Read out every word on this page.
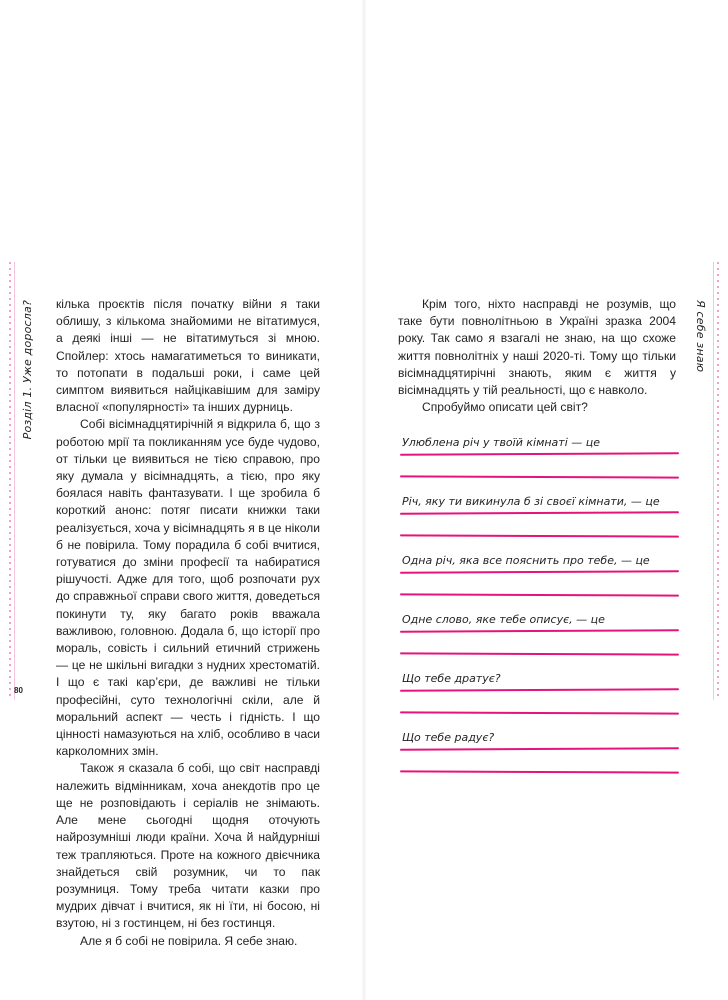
Розділ 1. Уже доросла? кілька проєктів після початку війни я таки облишу, з кількома знайомими не вітатимуся, а деякі інші — не вітатимуться зі мною. Спойлер: хтось намагатиметься то виникати, то потопати в подальші роки, і саме цей симптом виявиться найцікавішим для заміру власної «популярності» та інших дурниць.

Собі вісімнадцятирічній я відкрила б, що з роботою мрії та покликанням усе буде чудово, от тільки це виявиться не тією справою, про яку думала у вісімнадцять, а тією, про яку боялася навіть фантазувати. І ще зробила б короткий анонс: потяг писати книжки таки реалізується, хоча у вісімнадцять я в це ніколи б не повірила. Тому порадила б собі вчитися, готуватися до зміни професії та набиратися рішучості. Адже для того, щоб розпочати рух до справжньої справи свого життя, доведеться покинути ту, яку багато років вважала важливою, головною. Додала б, що історії про мораль, совість і сильний етичний стрижень — це не шкільні вигадки з нудних хрестоматій. І що є такі кар’єри, де важливі не тільки професійні, суто технологічні скіли, але й моральний аспект — честь і гідність. І що цінності намазуються на хліб, особливо в часи карколомних змін.

Також я сказала б собі, що світ насправді належить відмінникам, хоча анекдотів про це ще не розповідають і серіалів не знімають. Але мене сьогодні щодня оточують найрозумніші люди країни. Хоча й найдурніші теж трапляються. Проте на кожного двієчника знайдеться свій розумник, чи то пак розумниця. Тому треба читати казки про мудрих дівчат і вчитися, як ні їти, ні босою, ні взутою, ні з гостинцем, ні без гостинця.

Але я б собі не повірила. Я себе знаю.

80
Я себе знаю

Крім того, ніхто насправді не розумів, що таке бути повнолітньою в Україні зразка 2004 року. Так само я взагалі не знаю, на що схоже життя повнолітніх у наші 2020-ті. Тому що тільки вісімнадцятирічні знають, яким є життя у вісімнадцять у тій реальності, що є навколо.

Спробуймо описати цей світ?

Улюблена річ у твоїй кімнаті — це
Річ, яку ти викинула б зі своєї кімнати, — це
Одна річ, яка все пояснить про тебе, — це
Одне слово, яке тебе описує, — це
Що тебе дратує?
Що тебе радує?
